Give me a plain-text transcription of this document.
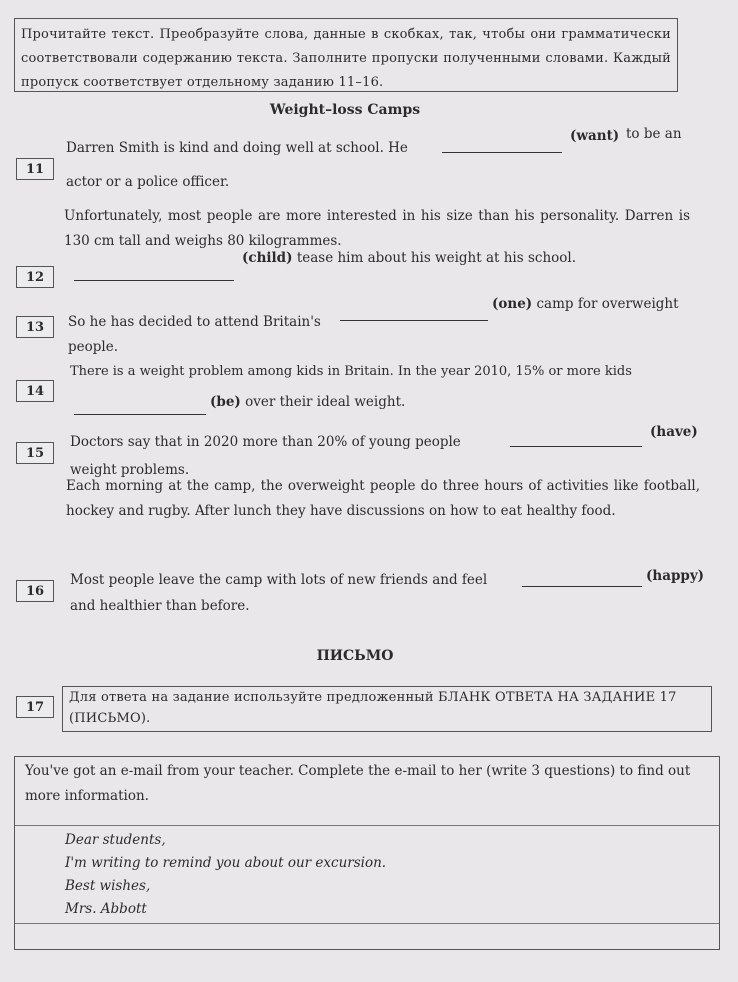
Прочитайте текст. Преобразуйте слова, данные в скобках, так, чтобы они грамматически соответствовали содержанию текста. Заполните пропуски полученными словами. Каждый пропуск соответствует отдельному заданию 11–16.
Weight–loss Camps
11
Darren Smith is kind and doing well at school. He
(want) to be an
actor or a police officer.
Unfortunately, most people are more interested in his size than his personality. Darren is 130 cm tall and weighs 80 kilogrammes.
12
(child) tease him about his weight at his school.
13	So he has decided to attend Britain's
(one) camp for overweight
people.
14
There is a weight problem among kids in Britain. In the year 2010, 15% or more kids
(be) over their ideal weight.
15
Doctors say that in 2020 more than 20% of young people
(have)
weight problems.
Each morning at the camp, the overweight people do three hours of activities like football, hockey and rugby. After lunch they have discussions on how to eat healthy food.
16
Most people leave the camp with lots of new friends and feel	(happy)
and healthier than before.
ПИСЬМО
17
Для ответа на задание используйте предложенный БЛАНК ОТВЕТА НА ЗАДАНИЕ 17 (ПИСЬМО).
You've got an e-mail from your teacher. Complete the e-mail to her (write 3 questions) to find out more information.
Dear students,
I'm writing to remind you about our excursion.
Best wishes,
Mrs. Abbott
